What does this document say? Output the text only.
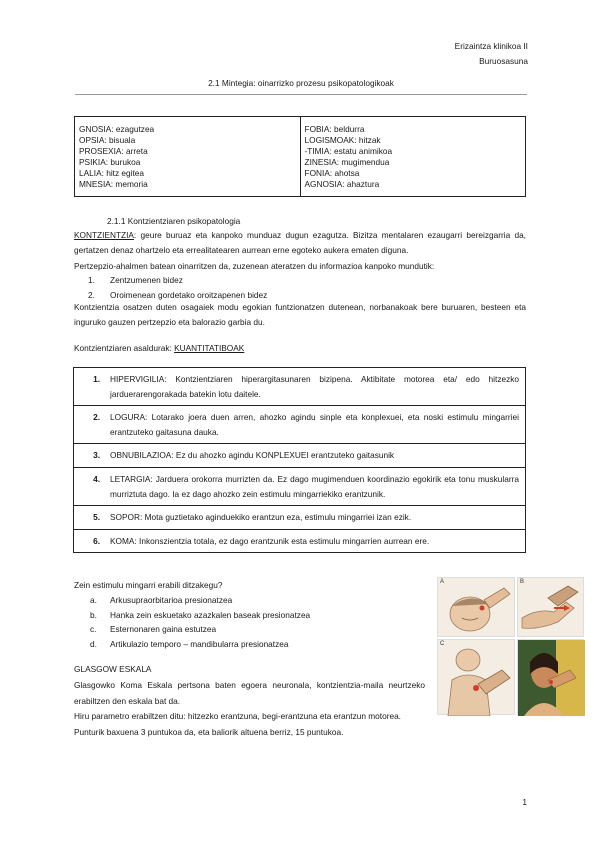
Erizaintza klinikoa II
Buruosasuna
2.1 Mintegia: oinarrizko prozesu psikopatologikoak
GNOSIA: ezagutzea
OPSIA: bisuala
PROSEXIA: arreta
PSIKIA: burukoa
LALIA: hitz egitea
MNESIA: memoria
FOBIA: beldurra
LOGISMOAK: hitzak
-TIMIA: estatu animikoa
ZINESIA: mugimendua
FONIA: ahotsa
AGNOSIA: ahaztura
2.1.1 Kontzientziaren psikopatologia
KONTZIENTZIA: geure buruaz eta kanpoko munduaz dugun ezagutza. Bizitza mentalaren ezaugarri bereizgarria da, gertatzen denaz ohartzelo eta errealitatearen aurrean erne egoteko aukera ematen diguna.
Pertzepzio-ahalmen batean oinarritzen da, zuzenean ateratzen du informazioa kanpoko mundutik:
1.	Zentzumenen bidez
2.	Oroimenean gordetako oroitzapenen bidez
Kontzientzia osatzen duten osagaiek modu egokian funtzionatzen dutenean, norbanakoak bere buruaren, besteen eta inguruko gauzen pertzepzio eta balorazio garbia du.
Kontzientziaren asaldurak: KUANTITATIBOAK
1.	HIPERVIGILIA: Kontzientziaren hiperargitasunaren bizipena. Aktibitate motorea eta/ edo hitzezko jarduerarengorakada batekin lotu daitele.
2.	LOGURA: Lotarako joera duen arren, ahozko agindu sinple eta konplexuei, eta noski estimulu mingarriei erantzuteko gaitasuna dauka.
3.	OBNUBILAZIOA: Ez du ahozko agindu KONPLEXUEI erantzuteko gaitasunik
4.	LETARGIA: Jarduera orokorra murrizten da. Ez dago mugimenduen koordinazio egokirik eta tonu muskularra murriztuta dago. Ia ez dago ahozko zein estimulu mingarriekiko erantzunik.
5.	SOPOR: Mota guztietako aginduekiko erantzun eza, estimulu mingarriei izan ezik.
6.	KOMA: Inkonszientzia totala, ez dago erantzunik esta estimulu mingarrien aurrean ere.
Zein estimulu mingarri erabili ditzakegu?
a.	Arkusupraorbitarioa presionatzea
b.	Hanka zein eskuetako azazkalen baseak presionatzea
c.	Esternonaren gaina estutzea
d.	Artikulazio temporo – mandibularra presionatzea
A	B
C
GLASGOW ESKALA
Glasgowko Koma Eskala pertsona baten egoera neuronala, kontzientzia-maila neurtzeko erabiltzen den eskala bat da.
Hiru parametro erabiltzen ditu: hitzezko erantzuna, begi-erantzuna eta erantzun motorea.
Punturik baxuena 3 puntukoa da, eta baliorik altuena berriz, 15 puntukoa.
1
